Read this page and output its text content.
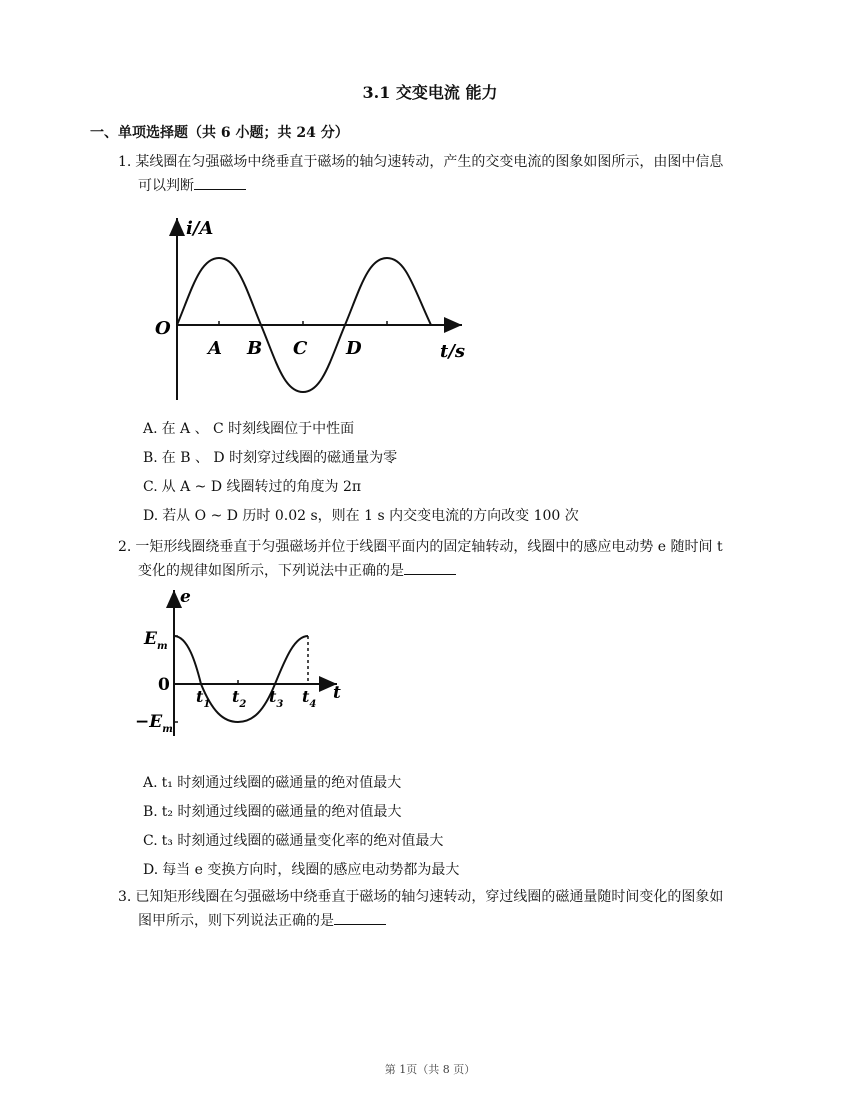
3.1 交变电流 能力
一、单项选择题（共 6 小题；共 24 分）
1. 某线圈在匀强磁场中绕垂直于磁场的轴匀速转动，产生的交变电流的图象如图所示，由图中信息
可以判断
i/A
O
A B C D	t/s
A. 在 A 、 C 时刻线圈位于中性面
B. 在 B 、 D 时刻穿过线圈的磁通量为零
C. 从 A ~ D 线圈转过的角度为 2π
D. 若从 O ~ D 历时 0.02 s，则在 1 s 内交变电流的方向改变 100 次
2. 一矩形线圈绕垂直于匀强磁场并位于线圈平面内的固定轴转动，线圈中的感应电动势 e 随时间 t
变化的规律如图所示，下列说法中正确的是
e
$E_m$
0
$-E_m$
$t_1$ $t_2$ $t_3$ $t_4$
t
A. t₁ 时刻通过线圈的磁通量的绝对值最大
B. t₂ 时刻通过线圈的磁通量的绝对值最大
C. t₃ 时刻通过线圈的磁通量变化率的绝对值最大
D. 每当 e 变换方向时，线圈的感应电动势都为最大
3. 已知矩形线圈在匀强磁场中绕垂直于磁场的轴匀速转动，穿过线圈的磁通量随时间变化的图象如
图甲所示，则下列说法正确的是
第 1页（共 8 页）
